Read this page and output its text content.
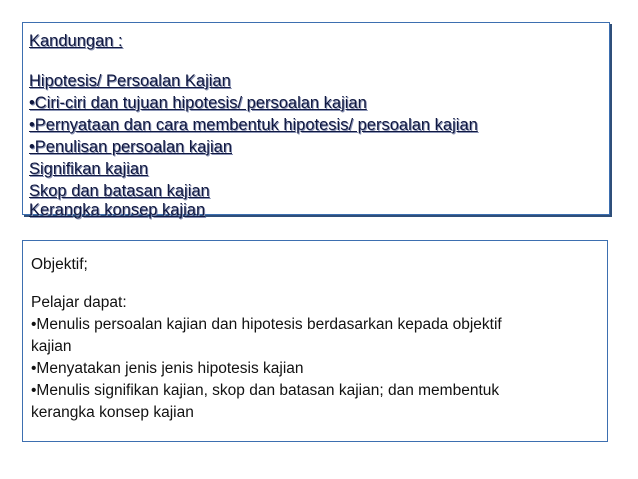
Kandungan :
Hipotesis/ Persoalan Kajian
•Ciri-ciri dan tujuan hipotesis/ persoalan kajian
•Pernyataan dan cara membentuk hipotesis/ persoalan kajian
•Penulisan persoalan kajian
Signifikan kajian
Skop dan batasan kajian
Kerangka konsep kajian
Objektif;
Pelajar dapat:
•Menulis persoalan kajian dan hipotesis berdasarkan kepada objektif
kajian
•Menyatakan jenis jenis hipotesis kajian
•Menulis signifikan kajian, skop dan batasan kajian; dan membentuk
kerangka konsep kajian
